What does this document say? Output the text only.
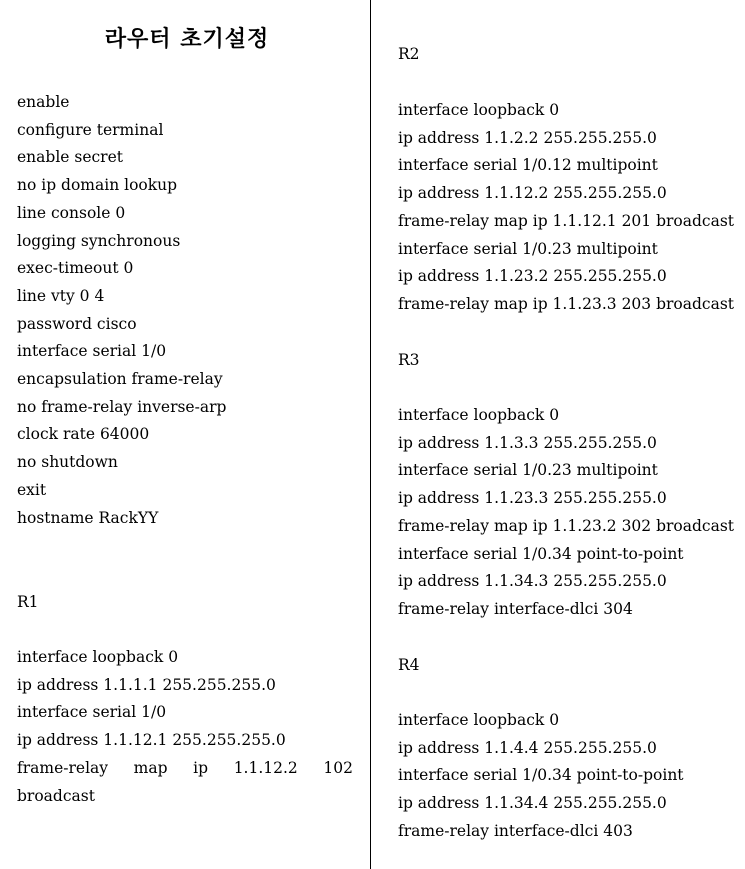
라우터 초기설정

enable

configure terminal

enable secret

no ip domain lookup

line console 0

logging synchronous

exec-timeout 0

line vty 0 4

password cisco

interface serial 1/0

encapsulation frame-relay

no frame-relay inverse-arp

clock rate 64000

no shutdown

exit

hostname RackYY

R1

interface loopback 0

ip address 1.1.1.1 255.255.255.0

interface serial 1/0

ip address 1.1.12.1 255.255.255.0

frame-relay map ip 1.1.12.2 102

broadcast

R2

interface loopback 0

ip address 1.1.2.2 255.255.255.0

interface serial 1/0.12 multipoint

ip address 1.1.12.2 255.255.255.0

frame-relay map ip 1.1.12.1 201 broadcast

interface serial 1/0.23 multipoint

ip address 1.1.23.2 255.255.255.0

frame-relay map ip 1.1.23.3 203 broadcast

R3

interface loopback 0

ip address 1.1.3.3 255.255.255.0

interface serial 1/0.23 multipoint

ip address 1.1.23.3 255.255.255.0

frame-relay map ip 1.1.23.2 302 broadcast

interface serial 1/0.34 point-to-point

ip address 1.1.34.3 255.255.255.0

frame-relay interface-dlci 304

R4

interface loopback 0

ip address 1.1.4.4 255.255.255.0

interface serial 1/0.34 point-to-point

ip address 1.1.34.4 255.255.255.0

frame-relay interface-dlci 403
